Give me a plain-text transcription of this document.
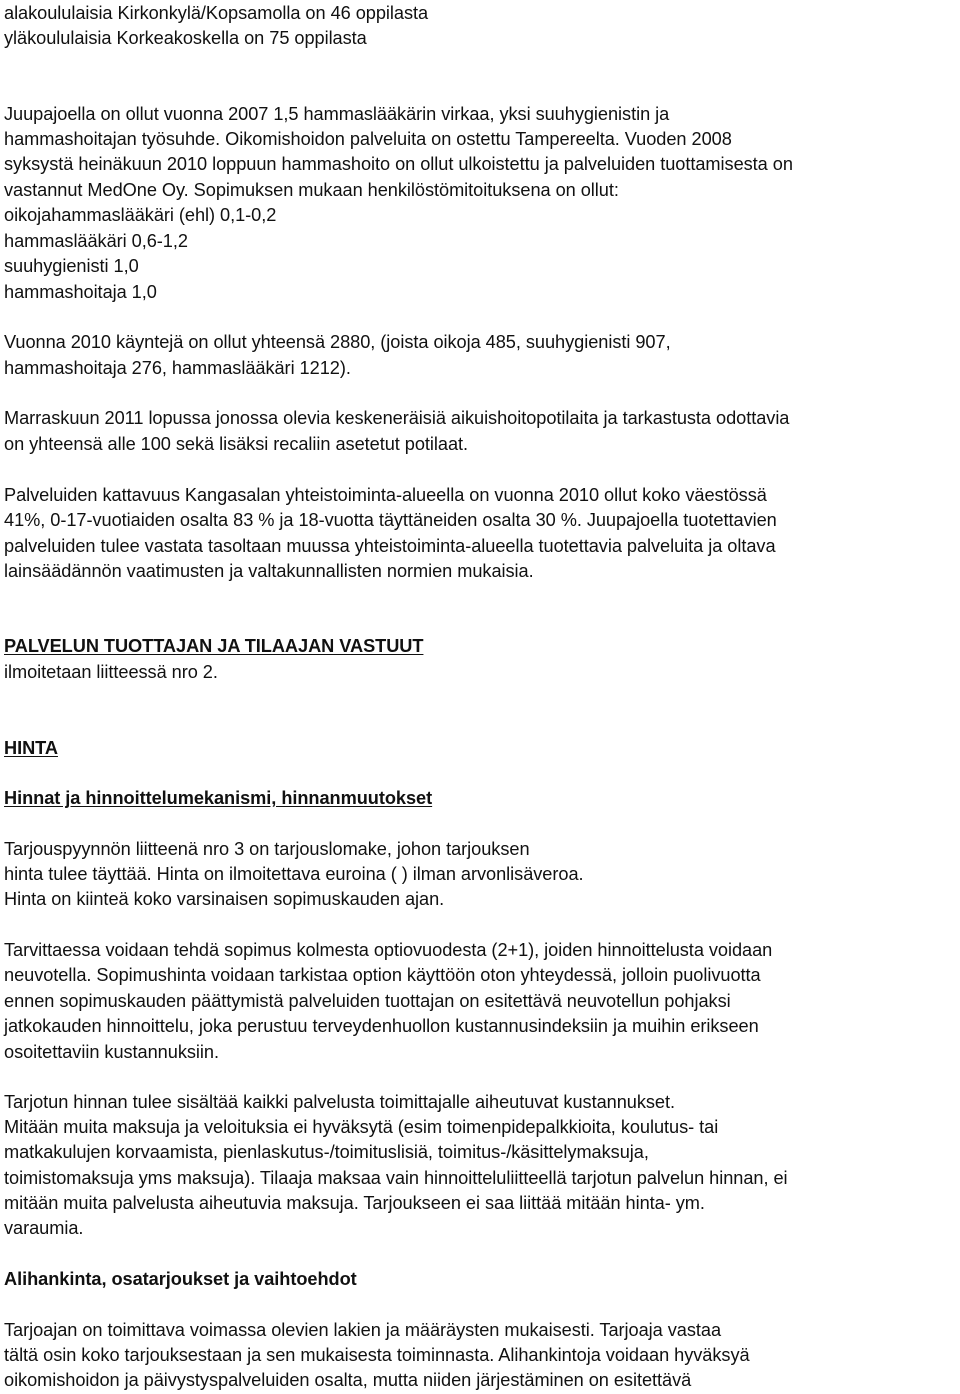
alakoululaisia Kirkonkylä/Kopsamolla on 46 oppilasta
yläkoululaisia Korkeakoskella on 75 oppilasta
Juupajoella on ollut vuonna 2007 1,5 hammaslääkärin virkaa, yksi suuhygienistin ja
hammashoitajan työsuhde. Oikomishoidon palveluita on ostettu Tampereelta. Vuoden 2008
syksystä heinäkuun 2010 loppuun hammashoito on ollut ulkoistettu ja palveluiden tuottamisesta on
vastannut MedOne Oy. Sopimuksen mukaan henkilöstömitoituksena on ollut:
oikojahammaslääkäri (ehl) 0,1-0,2
hammaslääkäri 0,6-1,2
suuhygienisti 1,0
hammashoitaja 1,0
Vuonna 2010 käyntejä on ollut yhteensä 2880, (joista oikoja 485, suuhygienisti 907,
hammashoitaja 276, hammaslääkäri 1212).
Marraskuun 2011 lopussa jonossa olevia keskeneräisiä aikuishoitopotilaita ja tarkastusta odottavia
on yhteensä alle 100 sekä lisäksi recaliin asetetut potilaat.
Palveluiden kattavuus Kangasalan yhteistoiminta-alueella on vuonna 2010 ollut koko väestössä
41%, 0-17-vuotiaiden osalta 83 % ja 18-vuotta täyttäneiden osalta 30 %. Juupajoella tuotettavien
palveluiden tulee vastata tasoltaan muussa yhteistoiminta-alueella tuotettavia palveluita ja oltava
lainsäädännön vaatimusten ja valtakunnallisten normien mukaisia.
PALVELUN TUOTTAJAN JA TILAAJAN VASTUUT
ilmoitetaan liitteessä nro 2.
HINTA
Hinnat ja hinnoittelumekanismi, hinnanmuutokset
Tarjouspyynnön liitteenä nro 3 on tarjouslomake, johon tarjouksen
hinta tulee täyttää. Hinta on ilmoitettava euroina ( ) ilman arvonlisäveroa.
Hinta on kiinteä koko varsinaisen sopimuskauden ajan.
Tarvittaessa voidaan tehdä sopimus kolmesta optiovuodesta (2+1), joiden hinnoittelusta voidaan
neuvotella. Sopimushinta voidaan tarkistaa option käyttöön oton yhteydessä, jolloin puolivuotta
ennen sopimuskauden päättymistä palveluiden tuottajan on esitettävä neuvotellun pohjaksi
jatkokauden hinnoittelu, joka perustuu terveydenhuollon kustannusindeksiin ja muihin erikseen
osoitettaviin kustannuksiin.
Tarjotun hinnan tulee sisältää kaikki palvelusta toimittajalle aiheutuvat kustannukset.
Mitään muita maksuja ja veloituksia ei hyväksytä (esim toimenpidepalkkioita, koulutus- tai
matkakulujen korvaamista, pienlaskutus-/toimituslisiä, toimitus-/käsittelymaksuja,
toimistomaksuja yms maksuja). Tilaaja maksaa vain hinnoitteluliitteellä tarjotun palvelun hinnan, ei
mitään muita palvelusta aiheutuvia maksuja. Tarjoukseen ei saa liittää mitään hinta- ym.
varaumia.
Alihankinta, osatarjoukset ja vaihtoehdot
Tarjoajan on toimittava voimassa olevien lakien ja määräysten mukaisesti. Tarjoaja vastaa
tältä osin koko tarjouksestaan ja sen mukaisesta toiminnasta. Alihankintoja voidaan hyväksyä
oikomishoidon ja päivystyspalveluiden osalta, mutta niiden järjestäminen on esitettävä
